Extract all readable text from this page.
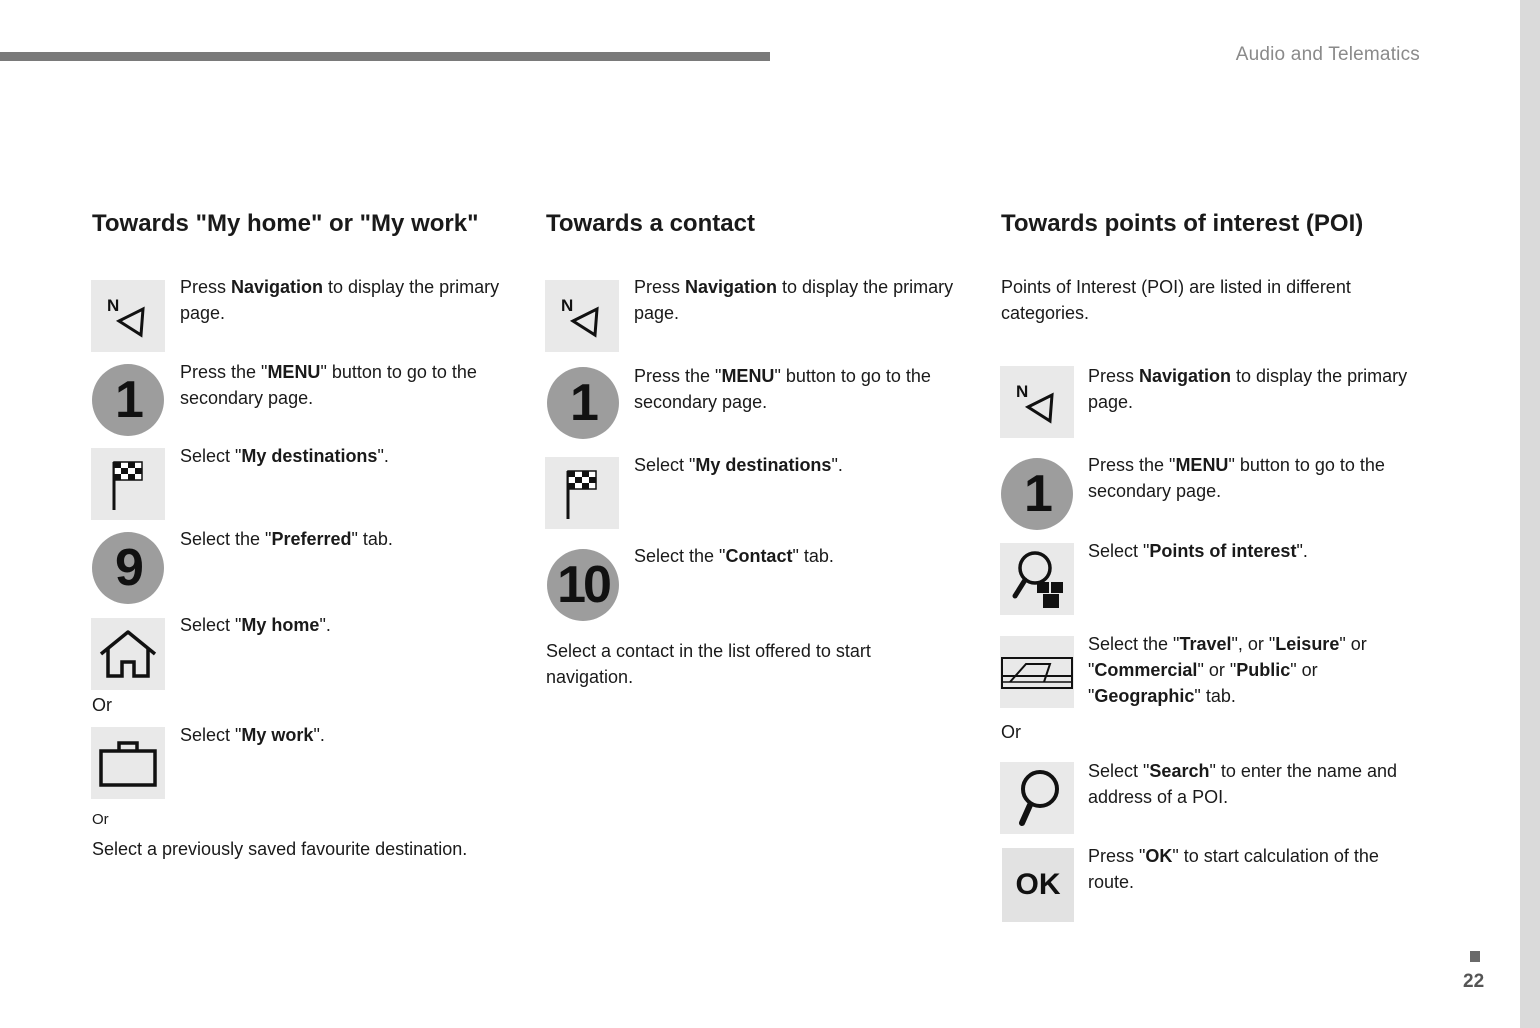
Audio and Telematics
22
Towards "My home" or "My work"
N
Press Navigation to display the primary page.
1	Press the "MENU" button to go to the secondary page.
Select "My destinations".
9	Select the "Preferred" tab.
Select "My home".
Or
Select "My work".
Or
Select a previously saved favourite destination.
Towards a contact
N
Press Navigation to display the primary page.
1	Press the "MENU" button to go to the secondary page.
Select "My destinations".
10	Select the "Contact" tab.
Select a contact in the list offered to start navigation.
Towards points of interest (POI)
Points of Interest (POI) are listed in different categories.
N
Press Navigation to display the primary page.
1	Press the "MENU" button to go to the secondary page.
Select "Points of interest".
Select the "Travel", or "Leisure" or "Commercial" or "Public" or "Geographic" tab.
Or
Select "Search" to enter the name and address of a POI.
OK
Press "OK" to start calculation of the route.
